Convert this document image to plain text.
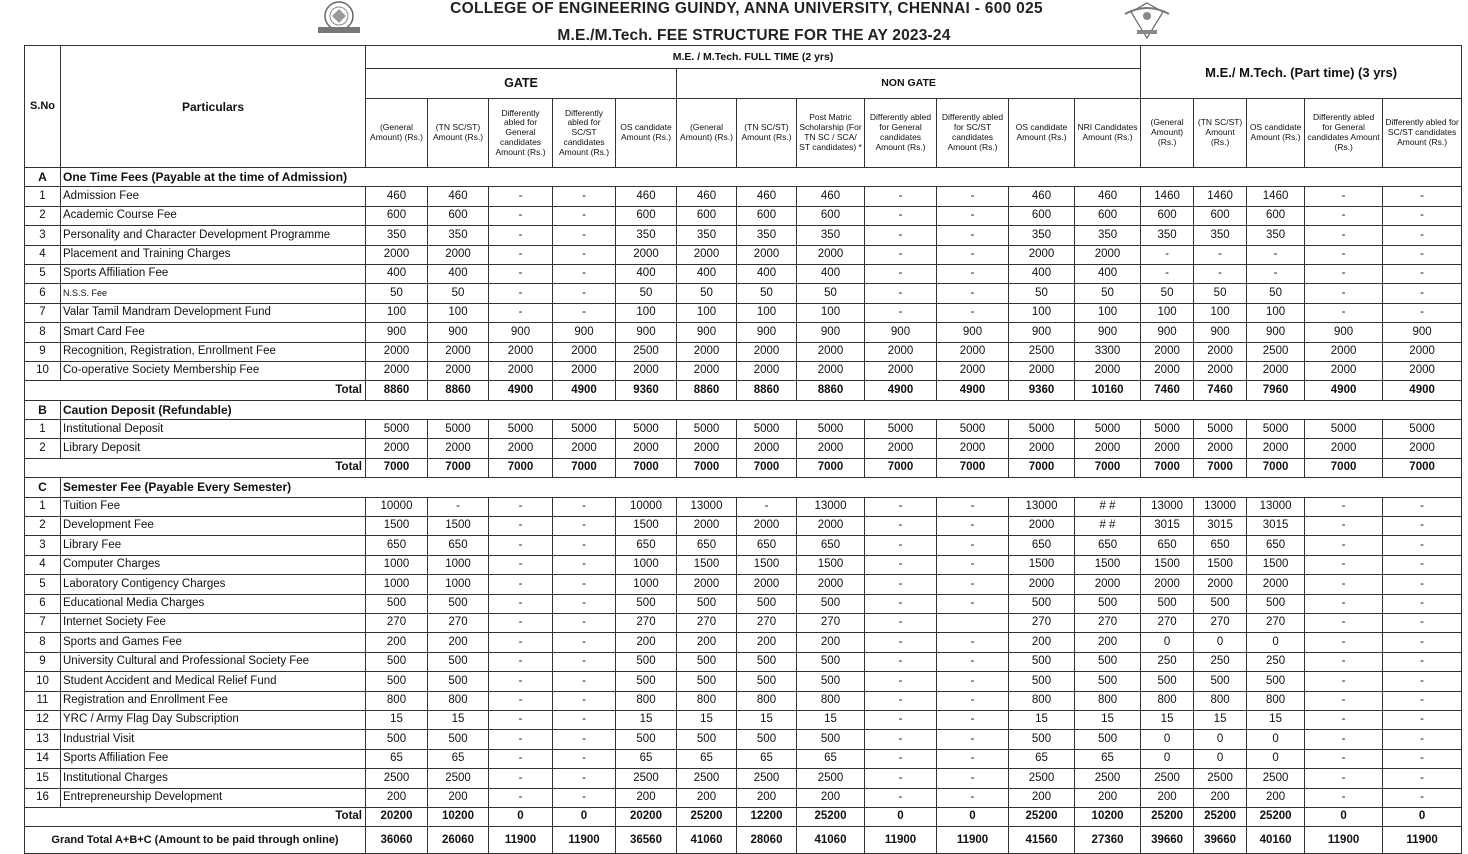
COLLEGE OF ENGINEERING GUINDY, ANNA UNIVERSITY, CHENNAI - 600 025
M.E./M.Tech. FEE STRUCTURE FOR THE AY 2023-24
S.No	Particulars	M.E. / M.Tech. FULL TIME (2 yrs)												M.E./ M.Tech. (Part time) (3 yrs)				
		GATE					NON GATE											
		(General Amount) (Rs.)	(TN SC/ST) Amount (Rs.)	Differently abled for General candidates Amount (Rs.)	Differently abled for SC/ST candidates Amount (Rs.)	OS candidate Amount (Rs.)	(General Amount) (Rs.)	(TN SC/ST) Amount (Rs.)	Post Matric Scholarship (For TN SC / SCA/ ST candidates) *	Differently abled for General candidates Amount (Rs.)	Differently abled for SC/ST candidates Amount (Rs.)	OS candidate Amount (Rs.)	NRI Candidates Amount (Rs.)	(General Amount) (Rs.)	(TN SC/ST) Amount (Rs.)	OS candidate Amount (Rs.)	Differently abled for General candidates Amount (Rs.)	Differently abled for SC/ST candidates Amount (Rs.)
A	One Time Fees (Payable at the time of Admission)																	
1	Admission Fee	460	460	-	-	460	460	460	460	-	-	460	460	1460	1460	1460	-	-
2	Academic Course Fee	600	600	-	-	600	600	600	600	-	-	600	600	600	600	600	-	-
3	Personality and Character Development Programme	350	350	-	-	350	350	350	350	-	-	350	350	350	350	350	-	-
4	Placement and Training Charges	2000	2000	-	-	2000	2000	2000	2000	-	-	2000	2000	-	-	-	-	-
5	Sports Affiliation Fee	400	400	-	-	400	400	400	400	-	-	400	400	-	-	-	-	-
6	N.S.S. Fee	50	50	-	-	50	50	50	50	-	-	50	50	50	50	50	-	-
7	Valar Tamil Mandram Development Fund	100	100	-	-	100	100	100	100	-	-	100	100	100	100	100	-	-
8	Smart Card Fee	900	900	900	900	900	900	900	900	900	900	900	900	900	900	900	900	900
9	Recognition, Registration, Enrollment Fee	2000	2000	2000	2000	2500	2000	2000	2000	2000	2000	2500	3300	2000	2000	2500	2000	2000
10	Co-operative Society Membership Fee	2000	2000	2000	2000	2000	2000	2000	2000	2000	2000	2000	2000	2000	2000	2000	2000	2000
Total		8860	8860	4900	4900	9360	8860	8860	8860	4900	4900	9360	10160	7460	7460	7960	4900	4900
B	Caution Deposit (Refundable)																	
1	Institutional Deposit	5000	5000	5000	5000	5000	5000	5000	5000	5000	5000	5000	5000	5000	5000	5000	5000	5000
2	Library Deposit	2000	2000	2000	2000	2000	2000	2000	2000	2000	2000	2000	2000	2000	2000	2000	2000	2000
Total		7000	7000	7000	7000	7000	7000	7000	7000	7000	7000	7000	7000	7000	7000	7000	7000	7000
C	Semester Fee (Payable Every Semester)																	
1	Tuition Fee	10000	-	-	-	10000	13000	-	13000	-	-	13000	# #	13000	13000	13000	-	-
2	Development Fee	1500	1500	-	-	1500	2000	2000	2000	-	-	2000	# #	3015	3015	3015	-	-
3	Library Fee	650	650	-	-	650	650	650	650	-	-	650	650	650	650	650	-	-
4	Computer Charges	1000	1000	-	-	1000	1500	1500	1500	-	-	1500	1500	1500	1500	1500	-	-
5	Laboratory Contigency Charges	1000	1000	-	-	1000	2000	2000	2000	-	-	2000	2000	2000	2000	2000	-	-
6	Educational Media Charges	500	500	-	-	500	500	500	500	-	-	500	500	500	500	500	-	-
7	Internet Society Fee	270	270	-	-	270	270	270	270	-		270	270	270	270	270	-	-
8	Sports and Games Fee	200	200	-	-	200	200	200	200	-	-	200	200	0	0	0	-	-
9	University Cultural and Professional Society Fee	500	500	-	-	500	500	500	500	-	-	500	500	250	250	250	-	-
10	Student Accident and Medical Relief Fund	500	500	-	-	500	500	500	500	-	-	500	500	500	500	500	-	-
11	Registration and Enrollment Fee	800	800	-	-	800	800	800	800	-	-	800	800	800	800	800	-	-
12	YRC / Army Flag Day Subscription	15	15	-	-	15	15	15	15	-	-	15	15	15	15	15	-	-
13	Industrial Visit	500	500	-	-	500	500	500	500	-	-	500	500	0	0	0	-	-
14	Sports Affiliation Fee	65	65	-	-	65	65	65	65	-	-	65	65	0	0	0	-	-
15	Institutional Charges	2500	2500	-	-	2500	2500	2500	2500	-	-	2500	2500	2500	2500	2500	-	-
16	Entrepreneurship Development	200	200	-	-	200	200	200	200	-	-	200	200	200	200	200	-	-
Total		20200	10200	0	0	20200	25200	12200	25200	0	0	25200	10200	25200	25200	25200	0	0
Grand Total A+B+C (Amount to be paid through online)		36060	26060	11900	11900	36560	41060	28060	41060	11900	11900	41560	27360	39660	39660	40160	11900	11900
